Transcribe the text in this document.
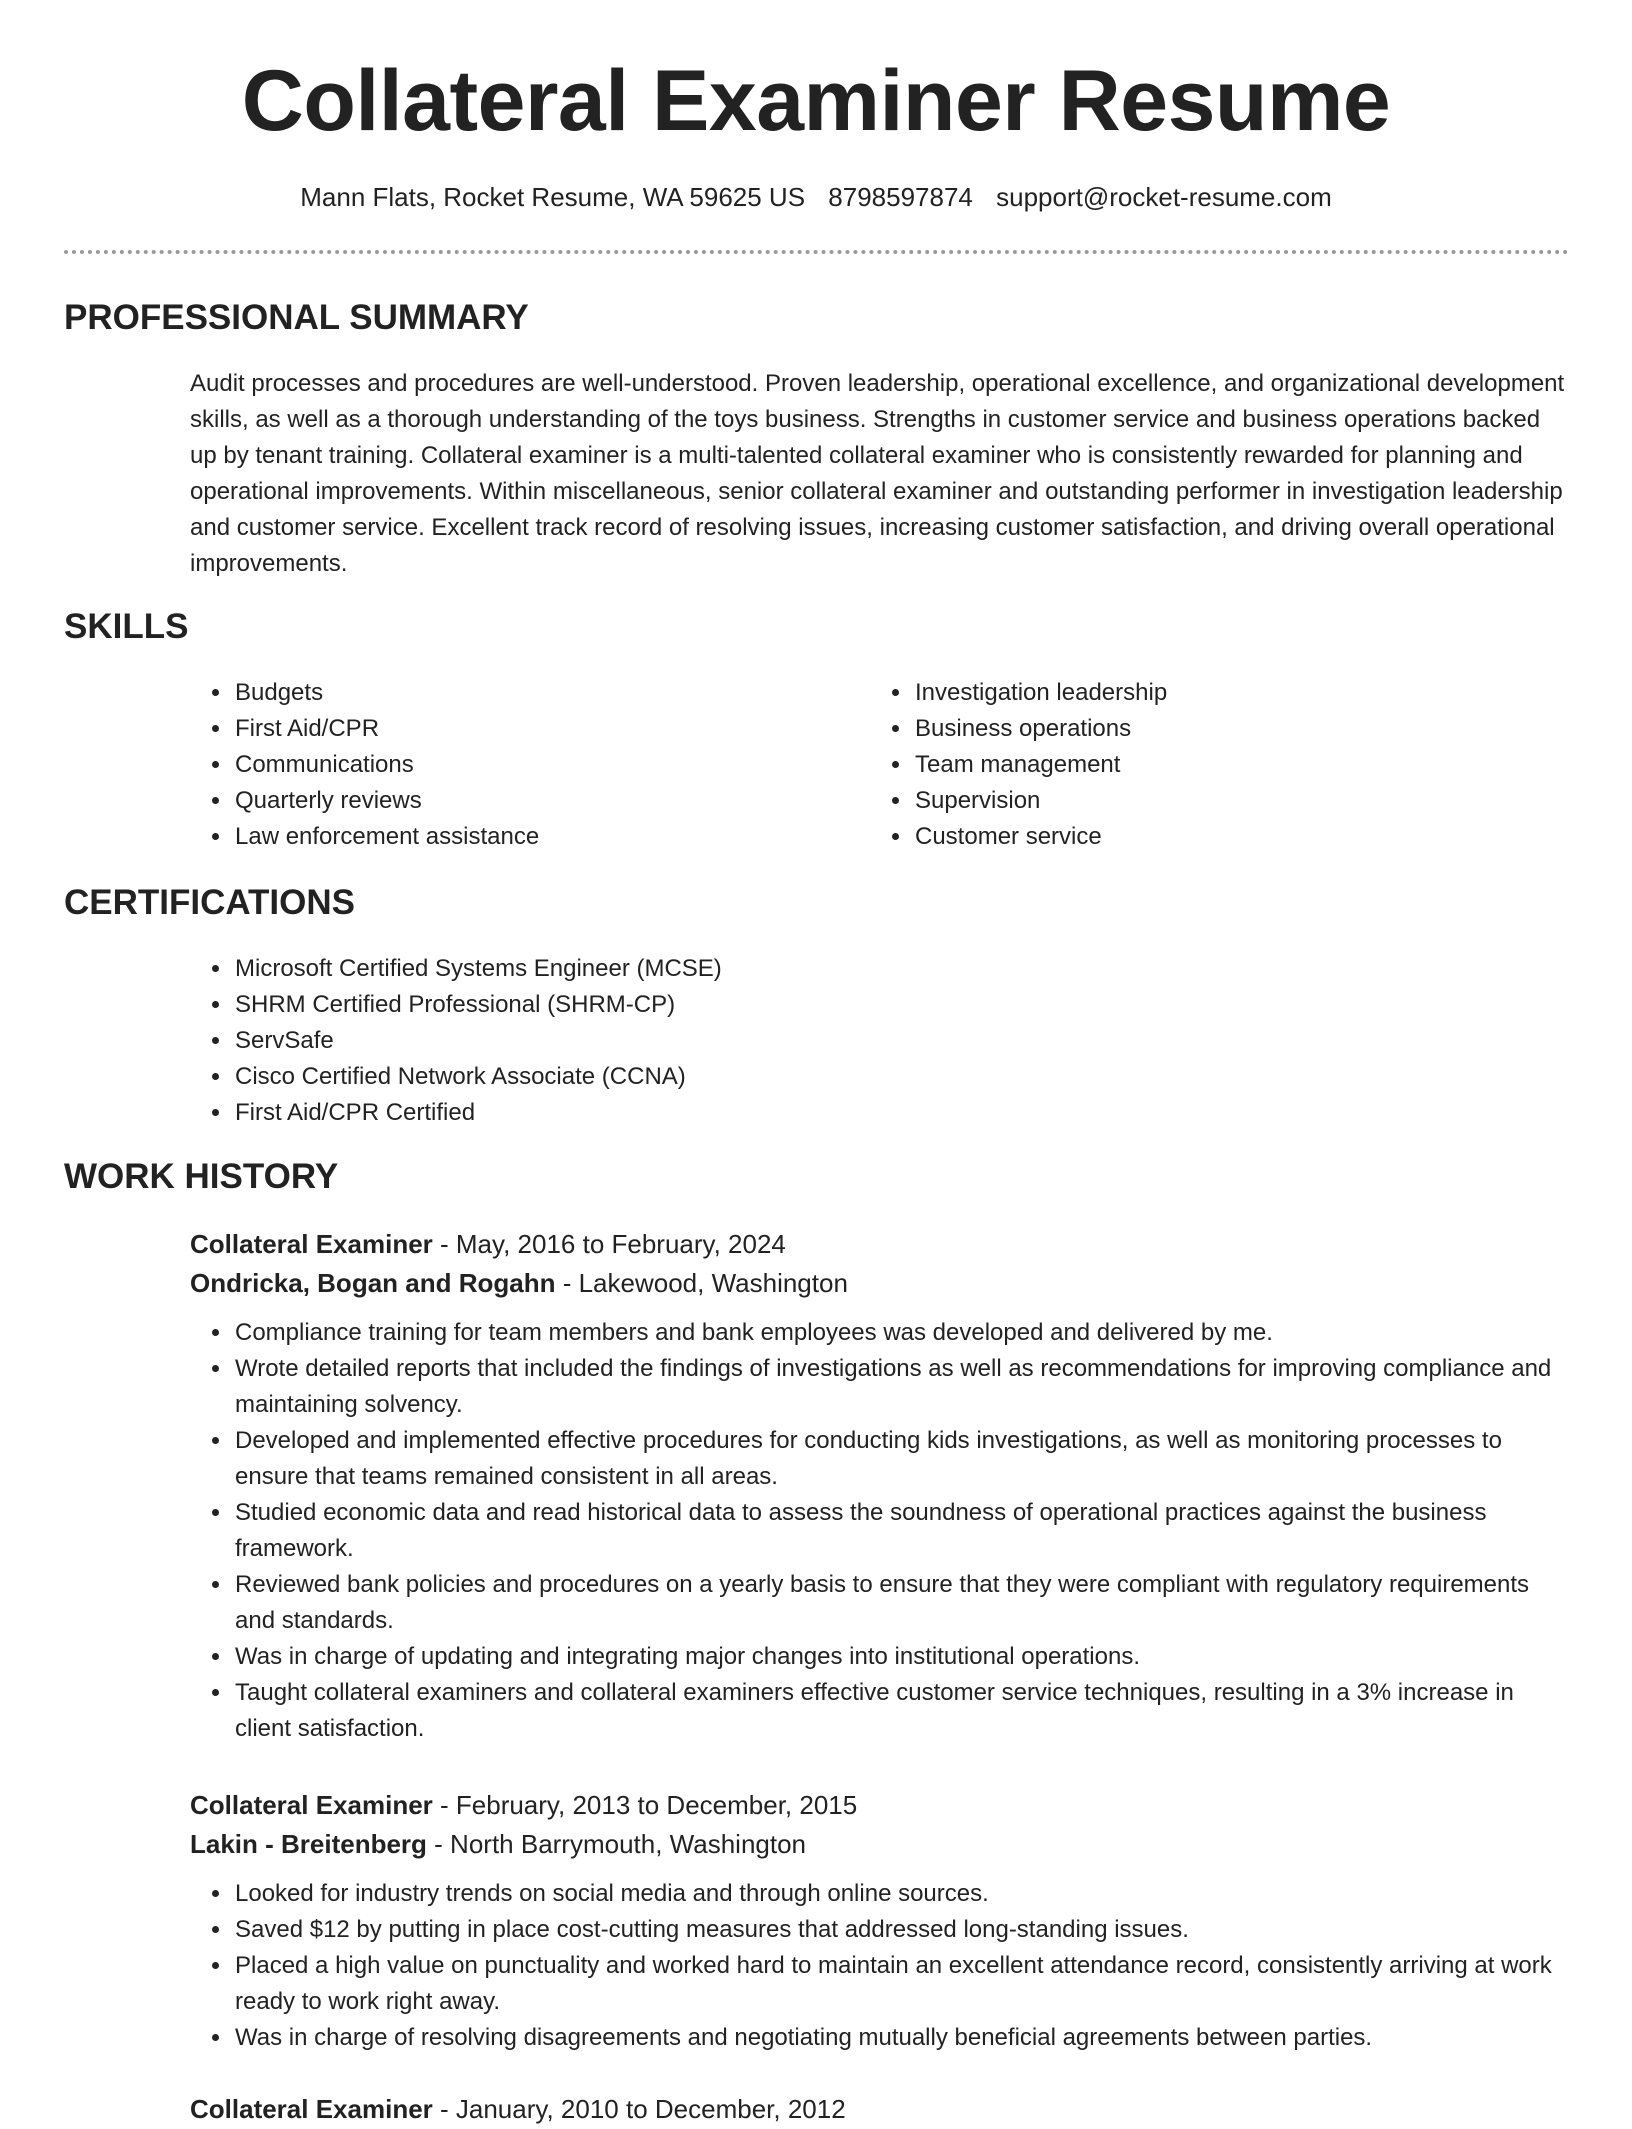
Collateral Examiner Resume
Mann Flats, Rocket Resume, WA 59625 US 8798597874 support@rocket-resume.com
PROFESSIONAL SUMMARY

Audit processes and procedures are well-understood. Proven leadership, operational excellence, and organizational development skills, as well as a thorough understanding of the toys business. Strengths in customer service and business operations backed up by tenant training. Collateral examiner is a multi-talented collateral examiner who is consistently rewarded for planning and operational improvements. Within miscellaneous, senior collateral examiner and outstanding performer in investigation leadership and customer service. Excellent track record of resolving issues, increasing customer satisfaction, and driving overall operational improvements.

SKILLS
• Budgets
• First Aid/CPR
• Communications
• Quarterly reviews
• Law enforcement assistance
• Investigation leadership
• Business operations
• Team management
• Supervision
• Customer service
CERTIFICATIONS
• Microsoft Certified Systems Engineer (MCSE)
• SHRM Certified Professional (SHRM-CP)
• ServSafe
• Cisco Certified Network Associate (CCNA)
• First Aid/CPR Certified
WORK HISTORY
Collateral Examiner - May, 2016 to February, 2024
Ondricka, Bogan and Rogahn - Lakewood, Washington
• Compliance training for team members and bank employees was developed and delivered by me.
• Wrote detailed reports that included the findings of investigations as well as recommendations for improving compliance and maintaining solvency.
• Developed and implemented effective procedures for conducting kids investigations, as well as monitoring processes to ensure that teams remained consistent in all areas.
• Studied economic data and read historical data to assess the soundness of operational practices against the business framework.
• Reviewed bank policies and procedures on a yearly basis to ensure that they were compliant with regulatory requirements and standards.
• Was in charge of updating and integrating major changes into institutional operations.
• Taught collateral examiners and collateral examiners effective customer service techniques, resulting in a 3% increase in client satisfaction.
Collateral Examiner - February, 2013 to December, 2015
Lakin - Breitenberg - North Barrymouth, Washington
• Looked for industry trends on social media and through online sources.
• Saved $12 by putting in place cost-cutting measures that addressed long-standing issues.
• Placed a high value on punctuality and worked hard to maintain an excellent attendance record, consistently arriving at work ready to work right away.
• Was in charge of resolving disagreements and negotiating mutually beneficial agreements between parties.
Collateral Examiner - January, 2010 to December, 2012
